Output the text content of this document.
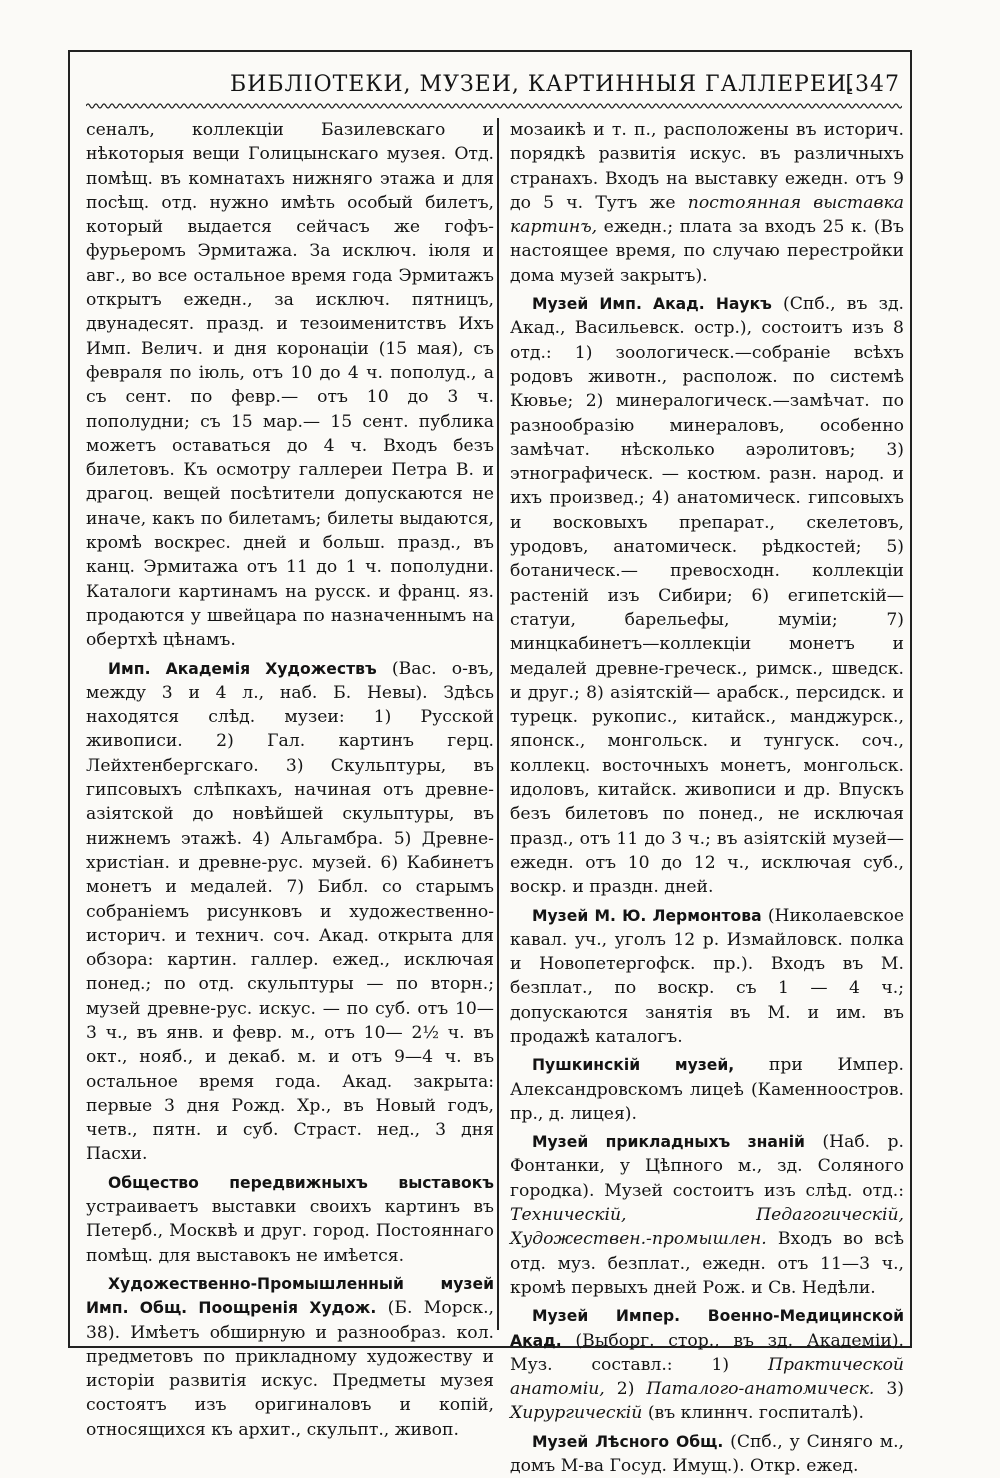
БИБЛІОТЕКИ, МУЗЕИ, КАРТИННЫЯ ГАЛЛЕРЕИ.
[347

сеналъ, коллекціи Базилевскаго и нѣкоторыя вещи Голицынскаго музея. Отд. помѣщ. въ комнатахъ нижняго этажа и для посѣщ. отд. нужно имѣть особый билетъ, который выдается сейчасъ же гофъ-фурьеромъ Эрмитажа. За исключ. іюля и авг., во все остальное время года Эрмитажъ открытъ ежедн., за исключ. пятницъ, двунадесят. празд. и тезоименитствъ Ихъ Имп. Велич. и дня коронаціи (15 мая), съ февраля по іюль, отъ 10 до 4 ч. пополуд., а съ сент. по февр.— отъ 10 до 3 ч. пополудни; съ 15 мар.— 15 сент. публика можетъ оставаться до 4 ч. Входъ безъ билетовъ. Къ осмотру галлереи Петра В. и драгоц. вещей посѣтители допускаются не иначе, какъ по билетамъ; билеты выдаются, кромѣ воскрес. дней и больш. празд., въ канц. Эрмитажа отъ 11 до 1 ч. пополудни. Каталоги картинамъ на русск. и франц. яз. продаются у швейцара по назначеннымъ на обертхѣ цѣнамъ.

Имп. Академія Художествъ (Вас. о-въ, между 3 и 4 л., наб. Б. Невы). Здѣсь находятся слѣд. музеи: 1) Русской живописи. 2) Гал. картинъ герц. Лейхтенбергскаго. 3) Скульптуры, въ гипсовыхъ слѣпкахъ, начиная отъ древне-азіятской до новѣйшей скульптуры, въ нижнемъ этажѣ. 4) Альгамбра. 5) Древне-христіан. и древне-рус. музей. 6) Кабинетъ монетъ и медалей. 7) Библ. со старымъ собраніемъ рисунковъ и художественно-историч. и технич. соч. Акад. открыта для обзора: картин. галлер. ежед., исключая понед.; по отд. скульптуры — по вторн.; музей древне-рус. искус. — по суб. отъ 10—3 ч., въ янв. и февр. м., отъ 10— 2½ ч. въ окт., нояб., и декаб. м. и отъ 9—4 ч. въ остальное время года. Акад. закрыта: первые 3 дня Рожд. Хр., въ Новый годъ, четв., пятн. и суб. Страст. нед., 3 дня Пасхи.

Общество передвижныхъ выставокъ устраиваетъ выставки своихъ картинъ въ Петерб., Москвѣ и друг. город. Постояннаго помѣщ. для выставокъ не имѣется.

Художественно-Промышленный музей Имп. Общ. Поощренія Худож. (Б. Морск., 38). Имѣетъ обширную и разнообраз. кол. предметовъ по прикладному художеству и исторіи развитія искус. Предметы музея состоятъ изъ оригиналовъ и копій, относящихся къ архит., скульпт., живоп.

мозаикѣ и т. п., расположены въ историч. порядкѣ развитія искус. въ различныхъ странахъ. Входъ на выставку ежедн. отъ 9 до 5 ч. Тутъ же постоянная выставка картинъ, ежедн.; плата за входъ 25 к. (Въ настоящее время, по случаю перестройки дома музей закрытъ).

Музей Имп. Акад. Наукъ (Спб., въ зд. Акад., Васильевск. остр.), состоитъ изъ 8 отд.: 1) зоологическ.—собраніе всѣхъ родовъ животн., располож. по системѣ Кювье; 2) минералогическ.—замѣчат. по разнообразію минераловъ, особенно замѣчат. нѣсколько аэролитовъ; 3) этнографическ. — костюм. разн. народ. и ихъ произвед.; 4) анатомическ. гипсовыхъ и восковыхъ препарат., скелетовъ, уродовъ, анатомическ. рѣдкостей; 5) ботаническ.— превосходн. коллекціи растеній изъ Сибири; 6) египетскій—статуи, барельефы, муміи; 7) минцкабинетъ—коллекціи монетъ и медалей древне-греческ., римск., шведск. и друг.; 8) азіятскій— арабск., персидск. и турецк. рукопис., китайск., манджурск., японск., монгольск. и тунгуск. соч., коллекц. восточныхъ монетъ, монгольск. идоловъ, китайск. живописи и др. Впускъ безъ билетовъ по понед., не исключая празд., отъ 11 до 3 ч.; въ азіятскій музей—ежедн. отъ 10 до 12 ч., исключая суб., воскр. и праздн. дней.

Музей М. Ю. Лермонтова (Николаевское кавал. уч., уголъ 12 р. Измайловск. полка и Новопетергофск. пр.). Входъ въ М. безплат., по воскр. съ 1 — 4 ч.; допускаются занятія въ М. и им. въ продажѣ каталогъ.

Пушкинскій музей, при Импер. Александровскомъ лицеѣ (Каменноостров. пр., д. лицея).

Музей прикладныхъ знаній (Наб. р. Фонтанки, у Цѣпного м., зд. Соляного городка). Музей состоитъ изъ слѣд. отд.: Техническій, Педагогическій, Художествен.-промышлен. Входъ во всѣ отд. муз. безплат., ежедн. отъ 11—3 ч., кромѣ первыхъ дней Рож. и Св. Недѣли.

Музей Импер. Военно-Медицинской Акад. (Выборг. стор., въ зд. Академіи). Муз. составл.: 1) Практической анатоміи, 2) Паталого-анатомическ. 3) Хирургическій (въ клиннч. госпиталѣ).

Музей Лѣсного Общ. (Спб., у Синяго м., домъ М-ва Госуд. Имущ.). Откр. ежед.
